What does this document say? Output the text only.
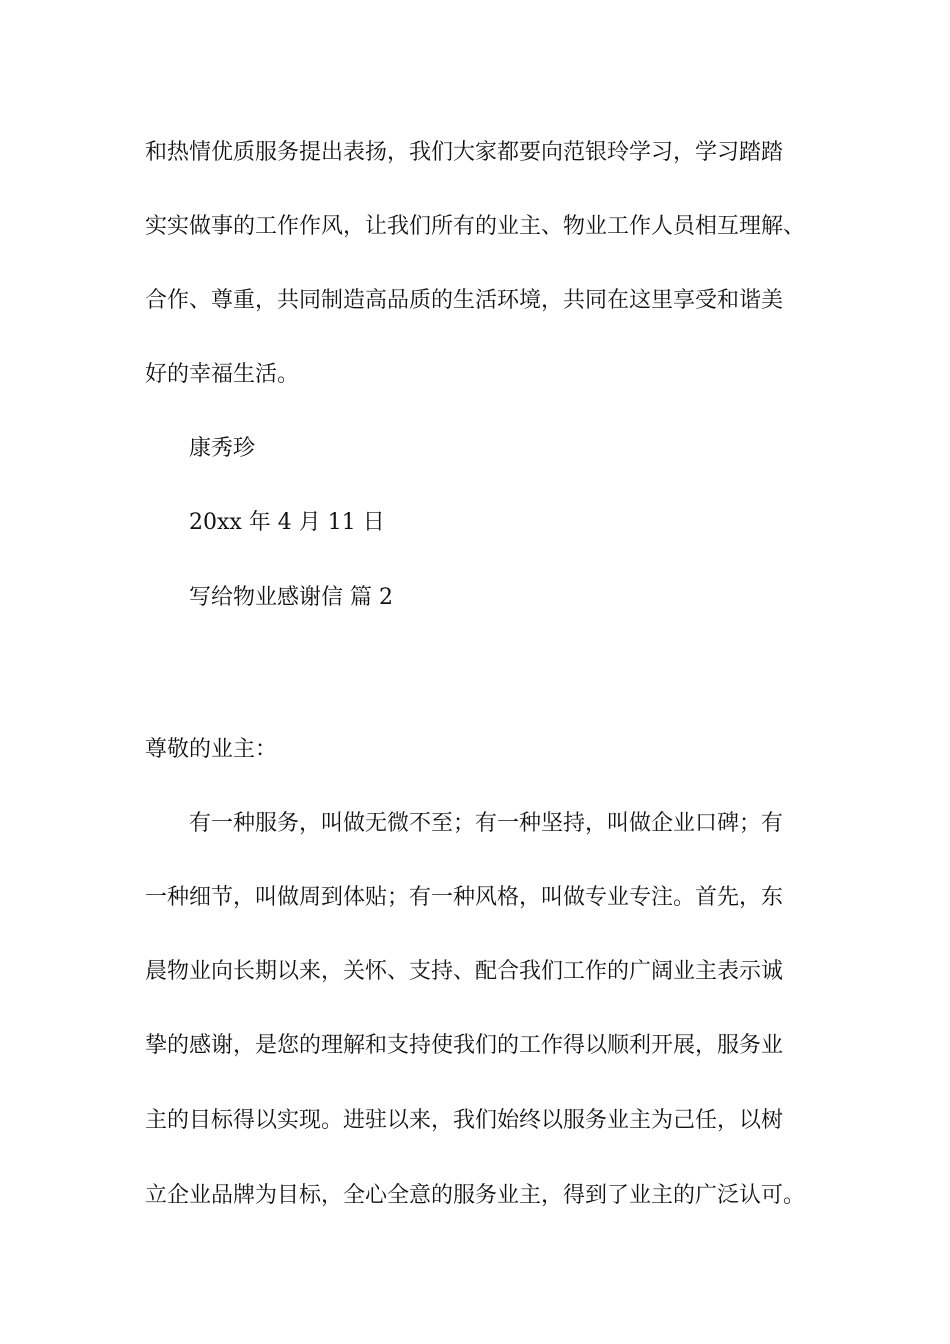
和热情优质服务提出表扬，我们大家都要向范银玲学习，学习踏踏
实实做事的工作作风，让我们所有的业主、物业工作人员相互理解、
合作、尊重，共同制造高品质的生活环境，共同在这里享受和谐美
好的幸福生活。
康秀珍
20xx 年 4 月 11 日
写给物业感谢信 篇 2
尊敬的业主：
有一种服务，叫做无微不至；有一种坚持，叫做企业口碑；有
一种细节，叫做周到体贴；有一种风格，叫做专业专注。首先，东
晨物业向长期以来，关怀、支持、配合我们工作的广阔业主表示诚
挚的感谢，是您的理解和支持使我们的工作得以顺利开展，服务业
主的目标得以实现。进驻以来，我们始终以服务业主为己任，以树
立企业品牌为目标，全心全意的服务业主，得到了业主的广泛认可。
